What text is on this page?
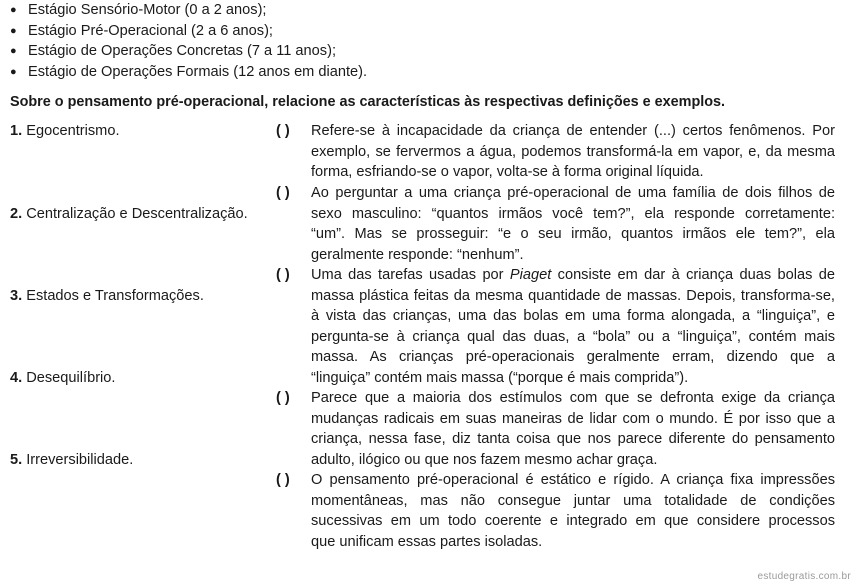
● Estágio Sensório-Motor (0 a 2 anos);
● Estágio Pré-Operacional (2 a 6 anos);
● Estágio de Operações Concretas (7 a 11 anos);
● Estágio de Operações Formais (12 anos em diante).

Sobre o pensamento pré-operacional, relacione as características às respectivas definições e exemplos.

1. Egocentrismo.
2. Centralização e Descentralização.
3. Estados e Transformações.
4. Desequilíbrio.
5. Irreversibilidade.
( )
( )
( )
( )
( )
Refere-se à incapacidade da criança de entender (...) certos fenômenos. Por
exemplo, se fervermos a água, podemos transformá-la em vapor, e, da mesma
forma, esfriando-se o vapor, volta-se à forma original líquida.
Ao perguntar a uma criança pré-operacional de uma família de dois filhos de
sexo masculino: “quantos irmãos você tem?”, ela responde corretamente:
“um”. Mas se prosseguir: “e o seu irmão, quantos irmãos ele tem?”, ela
geralmente responde: “nenhum”.
Uma das tarefas usadas por Piaget consiste em dar à criança duas bolas de
massa plástica feitas da mesma quantidade de massas. Depois, transforma-se,
à vista das crianças, uma das bolas em uma forma alongada, a “linguiça”, e
pergunta-se à criança qual das duas, a “bola” ou a “linguiça”, contém mais
massa. As crianças pré-operacionais geralmente erram, dizendo que a
“linguiça” contém mais massa (“porque é mais comprida”).
Parece que a maioria dos estímulos com que se defronta exige da criança
mudanças radicais em suas maneiras de lidar com o mundo. É por isso que a
criança, nessa fase, diz tanta coisa que nos parece diferente do pensamento
adulto, ilógico ou que nos fazem mesmo achar graça.
O pensamento pré-operacional é estático e rígido. A criança fixa impressões
momentâneas, mas não consegue juntar uma totalidade de condições
sucessivas em um todo coerente e integrado em que considere processos
que unificam essas partes isoladas.
estudegratis.com.br
